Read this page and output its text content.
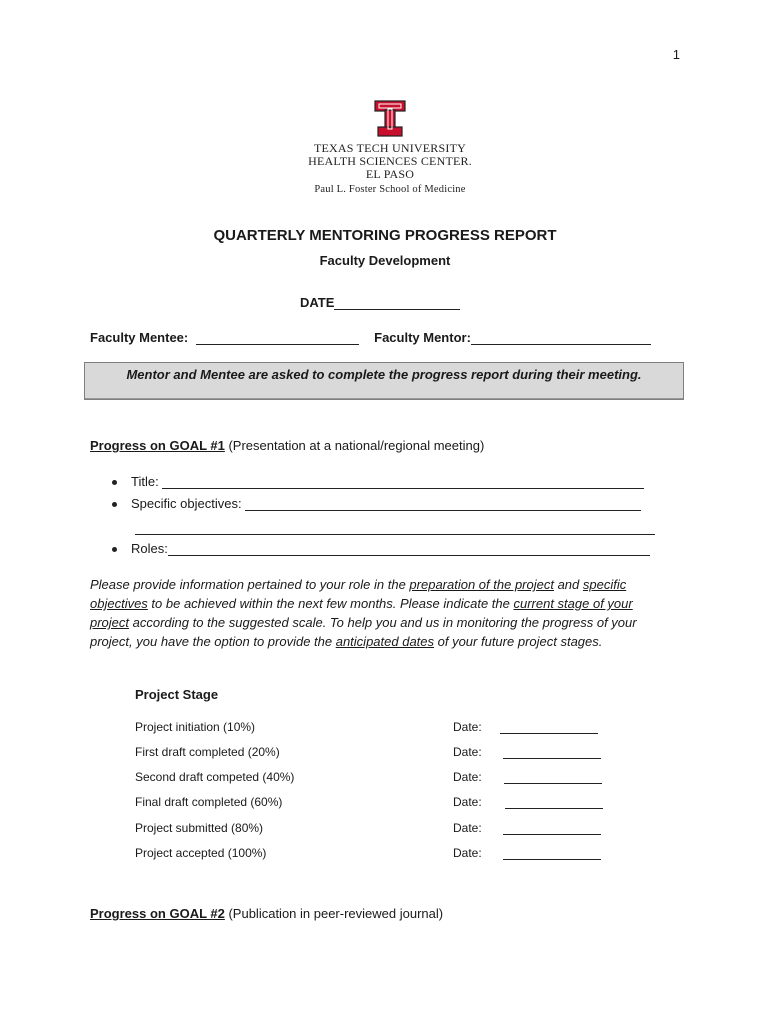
1
TEXAS TECH UNIVERSITY
HEALTH SCIENCES CENTER.
EL PASO
Paul L. Foster School of Medicine
QUARTERLY MENTORING PROGRESS REPORT
Faculty Development
DATE
Faculty Mentee:	Faculty Mentor:
Mentor and Mentee are asked to complete the progress report during their meeting.
Progress on GOAL #1 (Presentation at a national/regional meeting)
Title:
Specific objectives:
Roles:
Please provide information pertained to your role in the preparation of the project and specific objectives to be achieved within the next few months. Please indicate the current stage of your project according to the suggested scale. To help you and us in monitoring the progress of your project, you have the option to provide the anticipated dates of your future project stages.
Project Stage
Project initiation (10%)	Date:
First draft completed (20%)	Date:
Second draft competed (40%)	Date:
Final draft completed (60%)	Date:
Project submitted (80%)	Date:
Project accepted (100%)	Date:
Progress on GOAL #2 (Publication in peer-reviewed journal)
